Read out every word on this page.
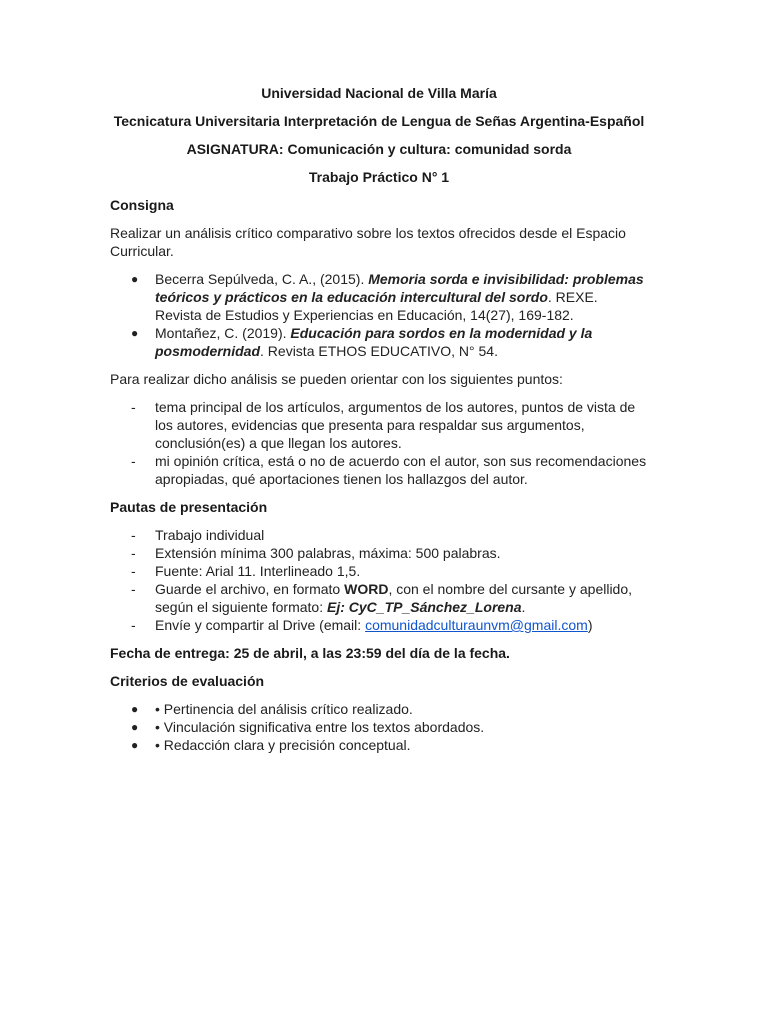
Universidad Nacional de Villa María
Tecnicatura Universitaria Interpretación de Lengua de Señas Argentina-Español
ASIGNATURA: Comunicación y cultura: comunidad sorda
Trabajo Práctico N° 1
Consigna

Realizar un análisis crítico comparativo sobre los textos ofrecidos desde el Espacio Curricular.

●	Becerra Sepúlveda, C. A., (2015). Memoria sorda e invisibilidad: problemas teóricos y prácticos en la educación intercultural del sordo. REXE. Revista de Estudios y Experiencias en Educación, 14(27), 169-182.
●	Montañez, C. (2019). Educación para sordos en la modernidad y la posmodernidad. Revista ETHOS EDUCATIVO, N° 54.

Para realizar dicho análisis se pueden orientar con los siguientes puntos:

-	tema principal de los artículos, argumentos de los autores, puntos de vista de los autores, evidencias que presenta para respaldar sus argumentos, conclusión(es) a que llegan los autores.
-	mi opinión crítica, está o no de acuerdo con el autor, son sus recomendaciones apropiadas, qué aportaciones tienen los hallazgos del autor.
Pautas de presentación
-	Trabajo individual
-	Extensión mínima 300 palabras, máxima: 500 palabras.
-	Fuente: Arial 11. Interlineado 1,5.
-	Guarde el archivo, en formato WORD, con el nombre del cursante y apellido, según el siguiente formato: Ej: CyC_TP_Sánchez_Lorena.
-	Envíe y compartir al Drive (email: comunidadculturaunvm@gmail.com)
Fecha de entrega: 25 de abril, a las 23:59 del día de la fecha.
Criterios de evaluación
●	• Pertinencia del análisis crítico realizado.
●	• Vinculación significativa entre los textos abordados.
●	• Redacción clara y precisión conceptual.
